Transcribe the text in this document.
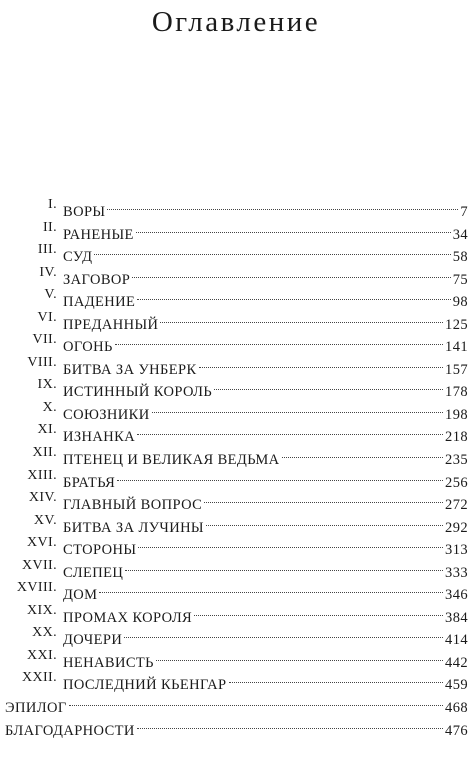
Оглавление
I. ВОРЫ	7
II. РАНЕНЫЕ	34
III. СУД	58
IV. ЗАГОВОР	75
V. ПАДЕНИЕ	98
VI. ПРЕДАННЫЙ	125
VII. ОГОНЬ	141
VIII. БИТВА ЗА УНБЕРК	157
IX. ИСТИННЫЙ КОРОЛЬ	178
X. СОЮЗНИКИ	198
XI. ИЗНАНКА	218
XII. ПТЕНЕЦ И ВЕЛИКАЯ ВЕДЬМА	235
XIII. БРАТЬЯ	256
XIV. ГЛАВНЫЙ ВОПРОС	272
XV. БИТВА ЗА ЛУЧИНЫ	292
XVI. СТОРОНЫ	313
XVII. СЛЕПЕЦ	333
XVIII. ДОМ	346
XIX. ПРОМАХ КОРОЛЯ	384
XX. ДОЧЕРИ	414
XXI. НЕНАВИСТЬ	442
XXII. ПОСЛЕДНИЙ КЬЕНГАР	459
ЭПИЛОГ	468
БЛАГОДАРНОСТИ	476
